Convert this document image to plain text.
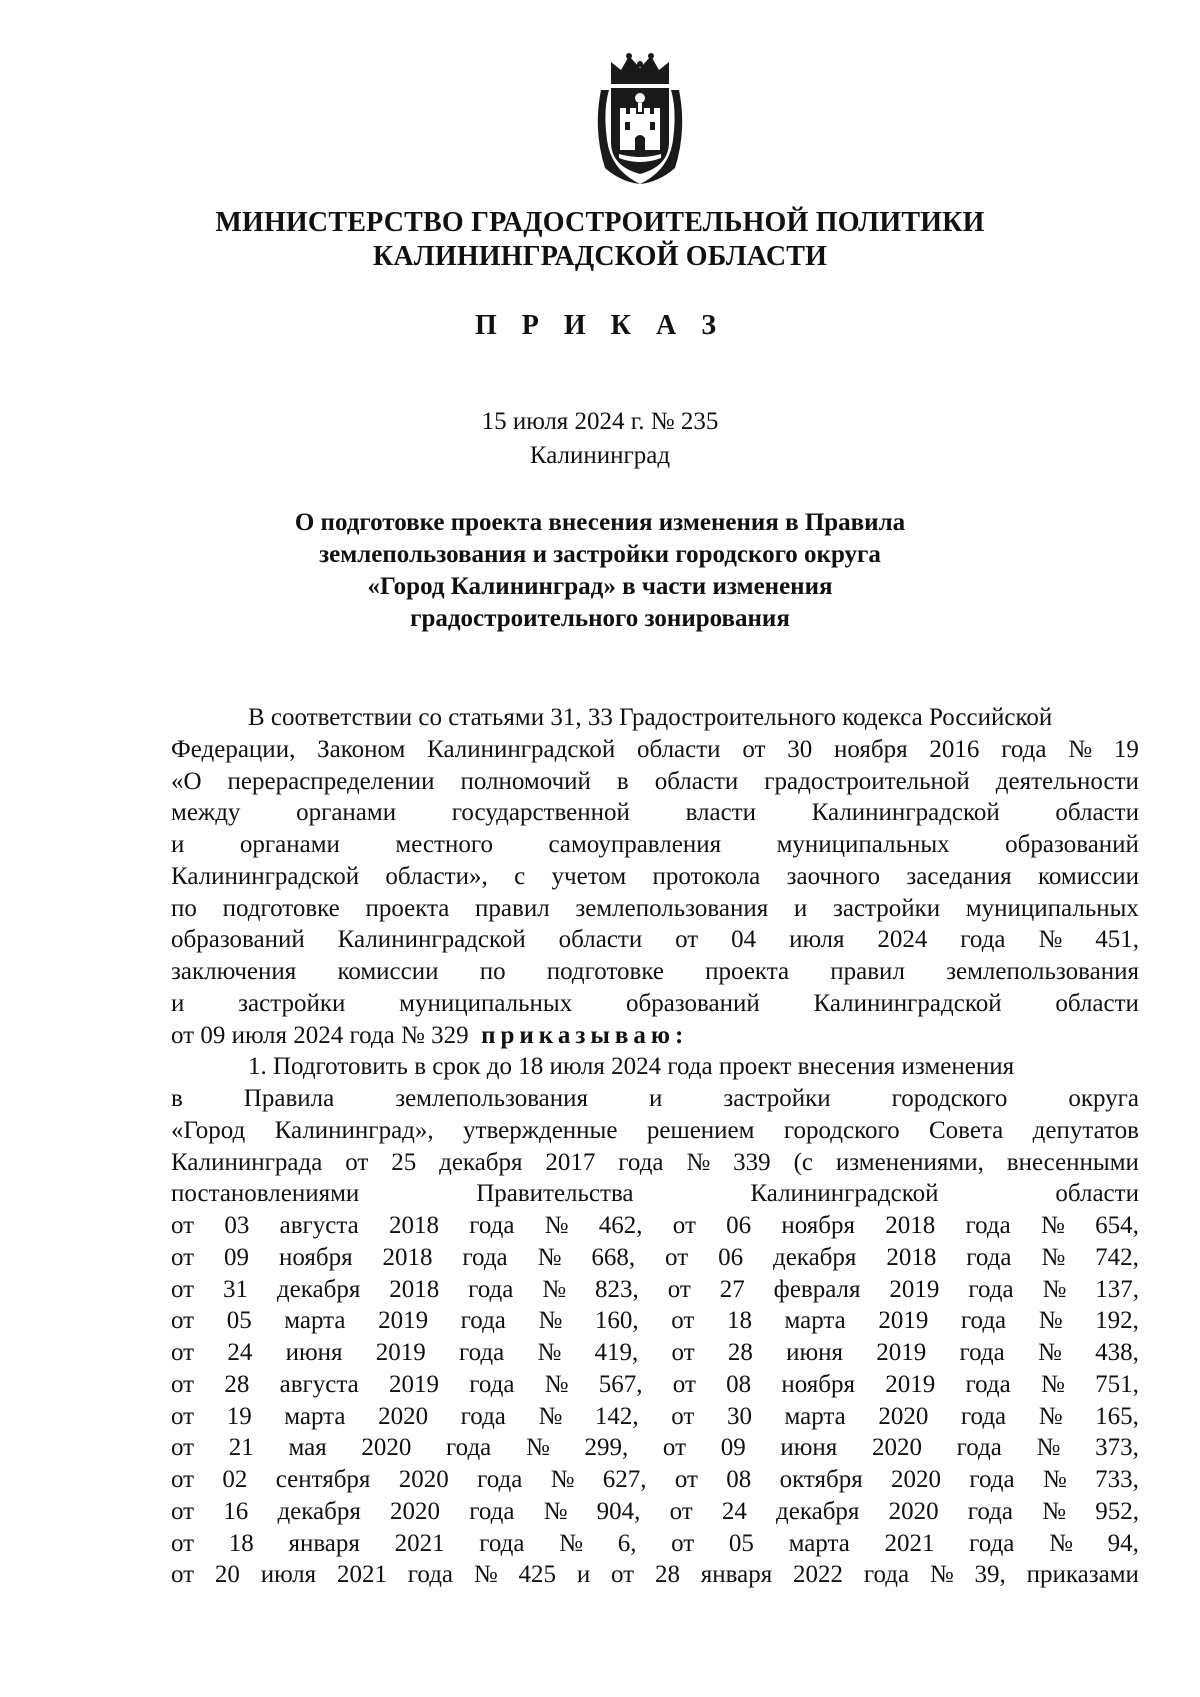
МИНИСТЕРСТВО ГРАДОСТРОИТЕЛЬНОЙ ПОЛИТИКИ
КАЛИНИНГРАДСКОЙ ОБЛАСТИ
П Р И К А З
15 июля 2024 г. № 235
Калининград
О подготовке проекта внесения изменения в Правила
землепользования и застройки городского округа
«Город Калининград» в части изменения
градостроительного зонирования
В соответствии со статьями 31, 33 Градостроительного кодекса Российской
Федерации, Законом Калининградской области от 30 ноября 2016 года № 19
«О перераспределении полномочий в области градостроительной деятельности
между органами государственной власти Калининградской области
и органами местного самоуправления муниципальных образований
Калининградской области», с учетом протокола заочного заседания комиссии
по подготовке проекта правил землепользования и застройки муниципальных
образований Калининградской области от 04 июля 2024 года № 451,
заключения комиссии по подготовке проекта правил землепользования
и застройки муниципальных образований Калининградской области
от 09 июля 2024 года № 329
приказываю:
1. Подготовить в срок до 18 июля 2024 года проект внесения изменения
в Правила землепользования и застройки городского округа
«Город Калининград», утвержденные решением городского Совета депутатов
Калининграда от 25 декабря 2017 года № 339 (с изменениями, внесенными
постановлениями	Правительства	Калининградской	области
от 03 августа 2018 года № 462, от 06 ноября 2018 года № 654,
от 09 ноября 2018 года № 668, от 06 декабря 2018 года № 742,
от 31 декабря 2018 года № 823, от 27 февраля 2019 года № 137,
от 05 марта 2019 года № 160, от 18 марта 2019 года № 192,
от 24 июня 2019 года № 419, от 28 июня 2019 года № 438,
от 28 августа 2019 года № 567, от 08 ноября 2019 года № 751,
от 19 марта 2020 года № 142, от 30 марта 2020 года № 165,
от 21 мая 2020 года № 299, от 09 июня 2020 года № 373,
от 02 сентября 2020 года № 627, от 08 октября 2020 года № 733,
от 16 декабря 2020 года № 904, от 24 декабря 2020 года № 952,
от 18 января 2021 года № 6, от 05 марта 2021 года № 94,
от 20 июля 2021 года № 425 и от 28 января 2022 года № 39, приказами
